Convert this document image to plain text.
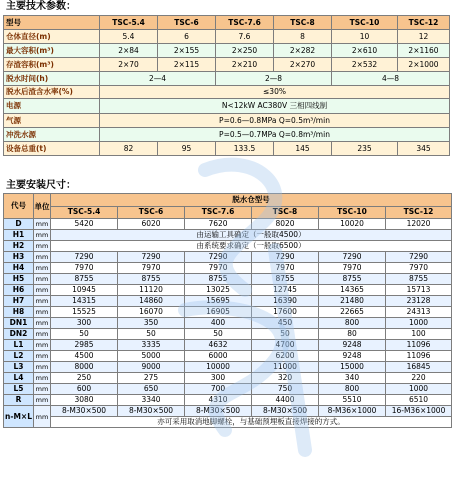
主要技术参数：
型号	TSC-5.4	TSC-6	TSC-7.6	TSC-8	TSC-10	TSC-12
仓体直径(m)	5.4	6	7.6	8	10	12
最大容积(m³)	2×84	2×155	2×250	2×282	2×610	2×1160
存渣容积(m³)	2×70	2×115	2×210	2×270	2×532	2×1000
脱水时间(h)	2—4		2—8		4—8	
脱水后渣含水率(%)	≤30%					
电源	N<12kW AC380V 三相四线制					
气源	P=0.6—0.8MPa Q=0.5m³/min					
冲洗水源	P=0.5—0.7MPa Q=0.8m³/min					
设备总重(t)	82	95	133.5	145	235	345
主要安装尺寸：
代号	单位	脱水仓型号					
		TSC-5.4	TSC-6	TSC-7.6	TSC-8	TSC-10	TSC-12
D	mm	5420	6020	7620	8020	10020	12020
H1	mm	由运输工具确定（一般取4500）					
H2	mm	由系统要求确定（一般取6500）					
H3	mm	7290	7290	7290	7290	7290	7290
H4	mm	7970	7970	7970	7970	7970	7970
H5	mm	8755	8755	8755	8755	8755	8755
H6	mm	10945	11120	13025	12745	14365	15713
H7	mm	14315	14860	15695	16390	21480	23128
H8	mm	15525	16070	16905	17600	22665	24313
DN1	mm	300	350	400	450	800	1000
DN2	mm	50	50	50	50	80	100
L1	mm	2985	3335	4632	4700	9248	11096
L2	mm	4500	5000	6000	6200	9248	11096
L3	mm	8000	9000	10000	11000	15000	16845
L4	mm	250	275	300	320	340	220
L5	mm	600	650	700	750	800	1000
R	mm	3080	3340	4310	4400	5510	6510
n-M×L	mm	8-M30×500	8-M30×500	8-M30×500	8-M30×500	8-M36×1000	16-M36×1000
		亦可采用取消地脚螺栓，与基础预埋板直接焊接的方式。					
